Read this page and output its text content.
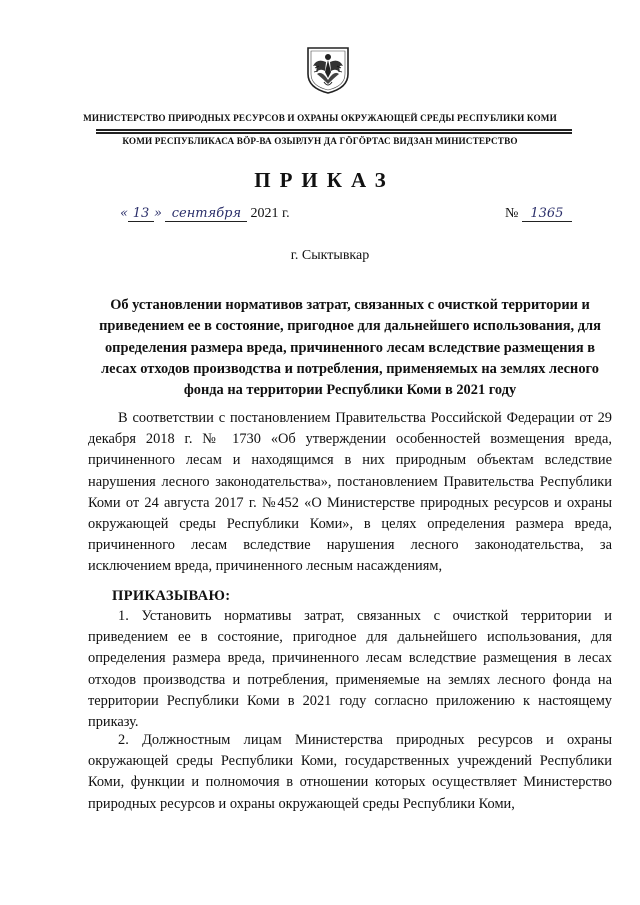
МИНИСТЕРСТВО ПРИРОДНЫХ РЕСУРСОВ И ОХРАНЫ ОКРУЖАЮЩЕЙ СРЕДЫ РЕСПУБЛИКИ КОМИ
КОМИ РЕСПУБЛИКАСА ВӦР-ВА ОЗЫРЛУН ДА ГӦГӦРТАС ВИДЗАН МИНИСТЕРСТВО
ПРИКАЗ
« 13 » сентября 2021 г.	№ 1365
г. Сыктывкар
Об установлении нормативов затрат, связанных с очисткой территории и приведением ее в состояние, пригодное для дальнейшего использования, для определения размера вреда, причиненного лесам вследствие размещения в лесах отходов производства и потребления, применяемых на землях лесного фонда на территории Республики Коми в 2021 году
В соответствии с постановлением Правительства Российской Федерации от 29 декабря 2018 г. № 1730 «Об утверждении особенностей возмещения вреда, причиненного лесам и находящимся в них природным объектам вследствие нарушения лесного законодательства», постановлением Правительства Республики Коми от 24 августа 2017 г. №452 «О Министерстве природных ресурсов и охраны окружающей среды Республики Коми», в целях определения размера вреда, причиненного лесам вследствие нарушения лесного законодательства, за исключением вреда, причиненного лесным насаждениям,
ПРИКАЗЫВАЮ:
1. Установить нормативы затрат, связанных с очисткой территории и приведением ее в состояние, пригодное для дальнейшего использования, для определения размера вреда, причиненного лесам вследствие размещения в лесах отходов производства и потребления, применяемые на землях лесного фонда на территории Республики Коми в 2021 году согласно приложению к настоящему приказу.
2. Должностным лицам Министерства природных ресурсов и охраны окружающей среды Республики Коми, государственных учреждений Республики Коми, функции и полномочия в отношении которых осуществляет Министерство природных ресурсов и охраны окружающей среды Республики Коми,
